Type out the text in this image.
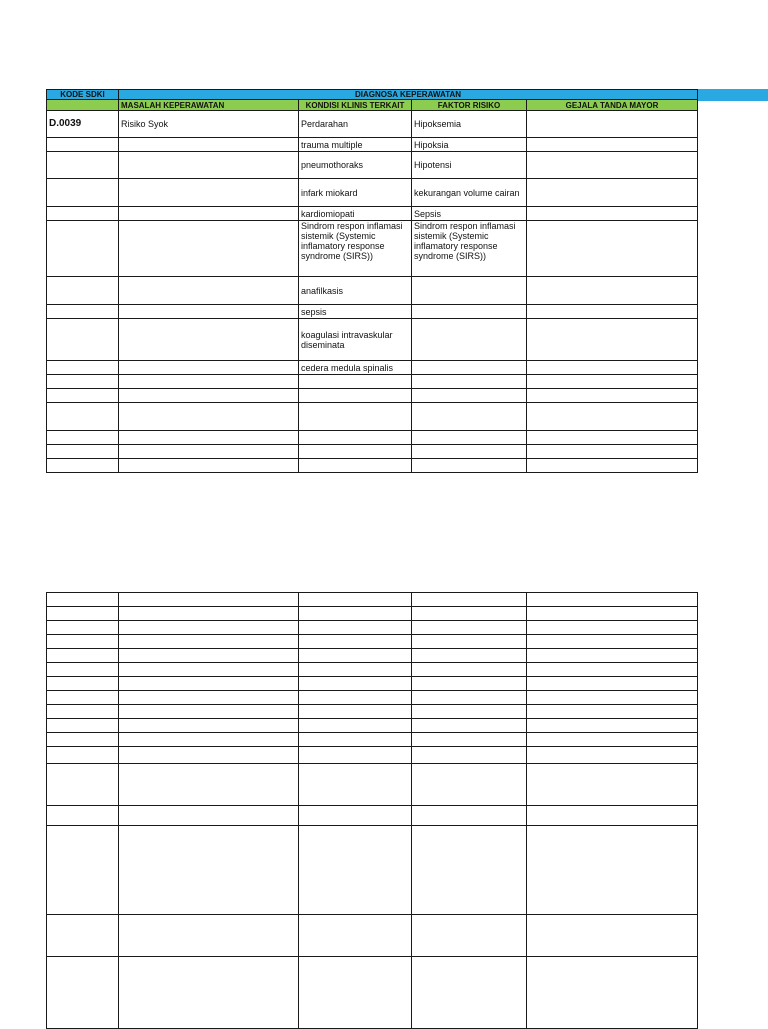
KODE SDKI	DIAGNOSA KEPERAWATAN			
	MASALAH KEPERAWATAN	KONDISI KLINIS TERKAIT	FAKTOR RISIKO	GEJALA TANDA MAYOR
D.0039	Risiko Syok	Perdarahan	Hipoksemia	
		trauma multiple	Hipoksia	
		pneumothoraks	Hipotensi	
		infark miokard	kekurangan volume cairan	
		kardiomiopati	Sepsis	
		Sindrom respon inflamasi sistemik (Systemic inflamatory response syndrome (SIRS))	Sindrom respon inflamasi sistemik (Systemic inflamatory response syndrome (SIRS))	
		anafilkasis		
		sepsis		
		koagulasi intravaskular diseminata		
		cedera medula spinalis		
